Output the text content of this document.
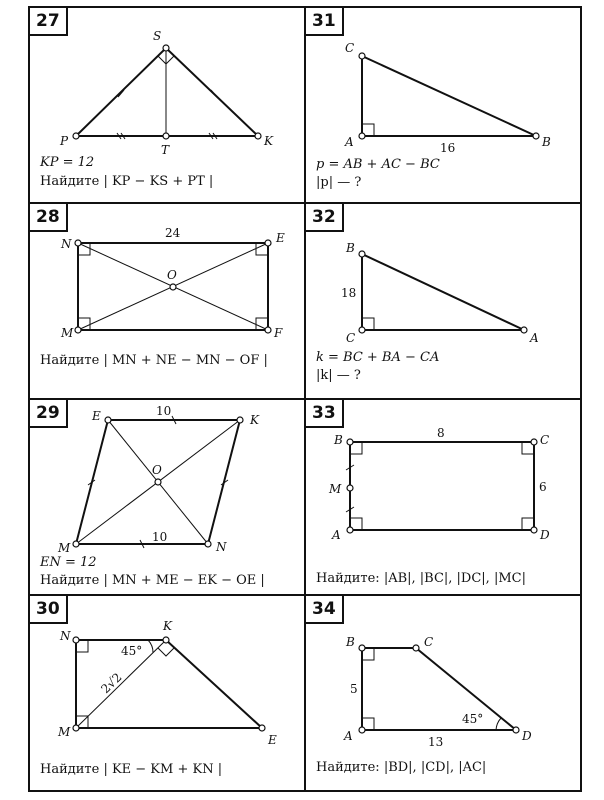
27	31
28	32
29	33
30	34
S
P	K
T
C
A	B
16
N	E
M	F
O
24
B
C	A
18
E	K
M	N
O
10
10
B	C
A	D
M
8
6
N
K
M
E
45°
2√2
B	C
A	D
5
13
45°
KP = 12
Найдите | KP − KS + PT |
p = AB + AC − BC
|p| — ?
Найдите | MN + NE − MN − OF |	k = BC + BA − CA
|k| — ?
EN = 12
Найдите | MN + ME − EK − OE |	Найдите: |AB|, |BC|, |DC|, |MC|
Найдите | KE − KM + KN |	Найдите: |BD|, |CD|, |AC|
